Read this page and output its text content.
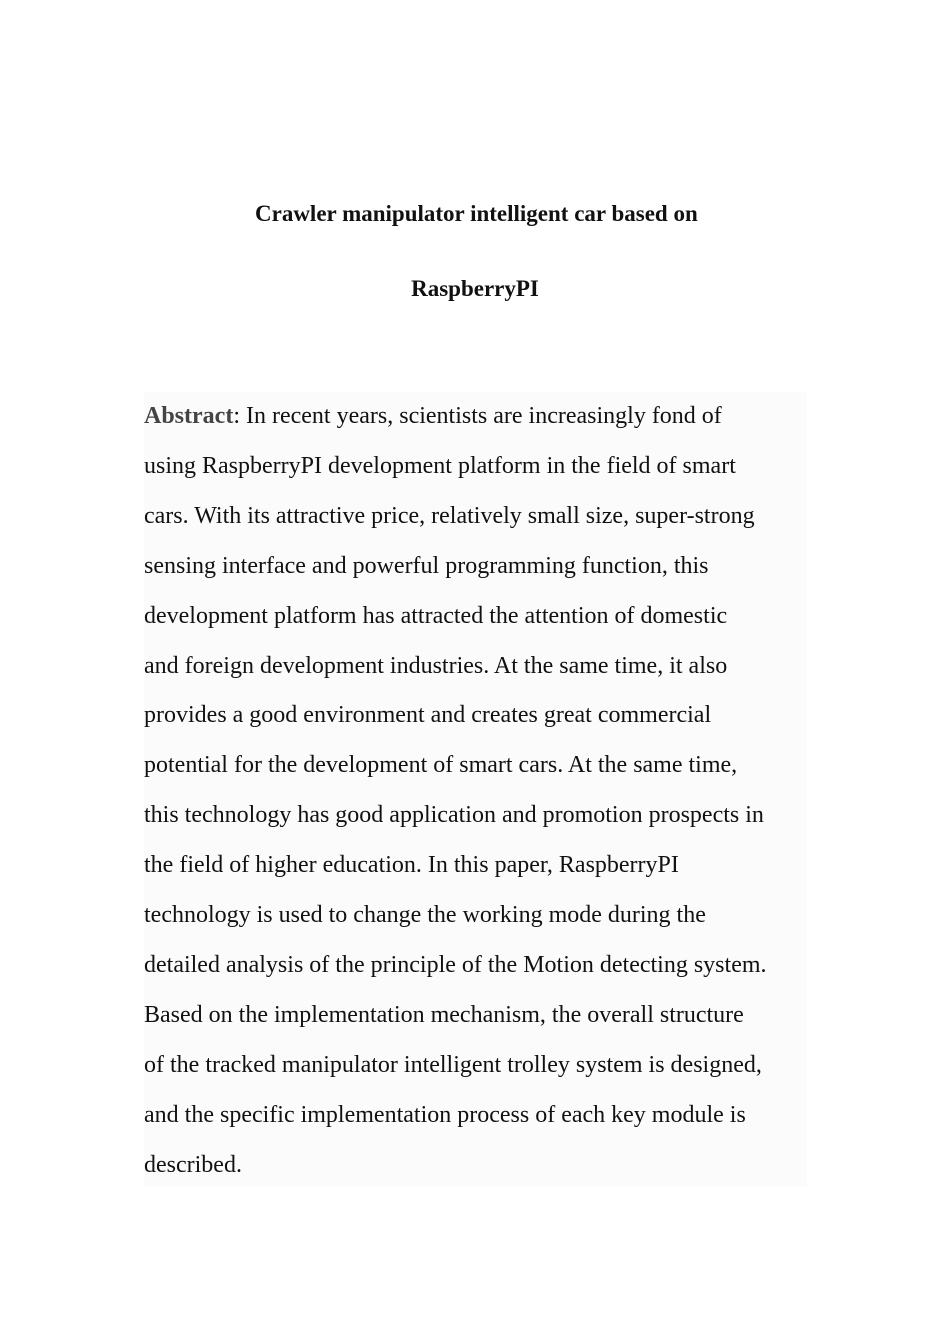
Crawler manipulator intelligent car based on
RaspberryPI
Abstract: In recent years, scientists are increasingly fond of
using RaspberryPI development platform in the field of smart
cars. With its attractive price, relatively small size, super-strong
sensing interface and powerful programming function, this
development platform has attracted the attention of domestic
and foreign development industries. At the same time, it also
provides a good environment and creates great commercial
potential for the development of smart cars. At the same time,
this technology has good application and promotion prospects in
the field of higher education. In this paper, RaspberryPI
technology is used to change the working mode during the
detailed analysis of the principle of the Motion detecting system.
Based on the implementation mechanism, the overall structure
of the tracked manipulator intelligent trolley system is designed,
and the specific implementation process of each key module is
described.
